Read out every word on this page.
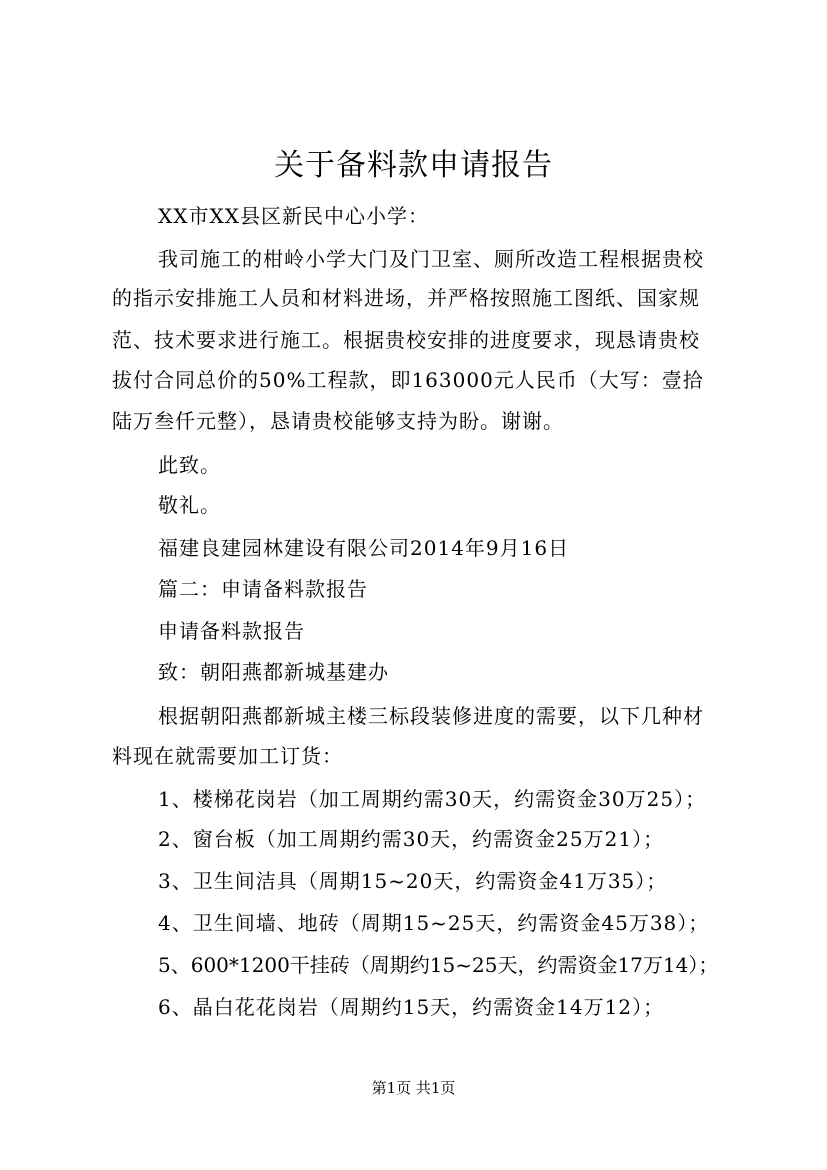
关于备料款申请报告
XX市XX县区新民中心小学：
我司施工的柑岭小学大门及门卫室、厕所改造工程根据贵校
的指示安排施工人员和材料进场，并严格按照施工图纸、国家规
范、技术要求进行施工。根据贵校安排的进度要求，现恳请贵校
拔付合同总价的50%工程款，即163000元人民币（大写：壹拾
陆万叁仟元整），恳请贵校能够支持为盼。谢谢。
此致。
敬礼。
福建良建园林建设有限公司2014年9月16日
篇二：申请备料款报告
申请备料款报告
致：朝阳燕都新城基建办
根据朝阳燕都新城主楼三标段装修进度的需要，以下几种材
料现在就需要加工订货：
1、楼梯花岗岩（加工周期约需30天，约需资金30万25）；
2、窗台板（加工周期约需30天，约需资金25万21）；
3、卫生间洁具（周期15~20天，约需资金41万35）；
4、卫生间墙、地砖（周期15~25天，约需资金45万38）；
5、600*1200干挂砖（周期约15~25天，约需资金17万14）；
6、晶白花花岗岩（周期约15天，约需资金14万12）；
第1页 共1页
